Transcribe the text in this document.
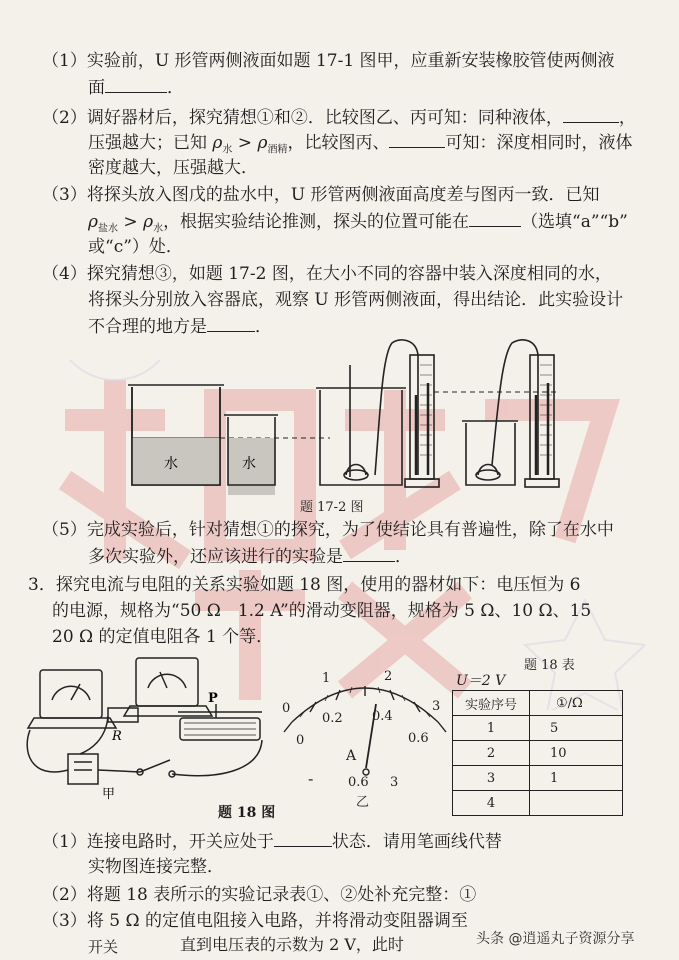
（1）实验前，U 形管两侧液面如题 17-1 图甲，应重新安装橡胶管使两侧液
面	．
（2）调好器材后，探究猜想①和②．比较图乙、丙可知：同种液体，	，
压强越大；已知 $\rho_水 > \rho_{酒精}$，比较图丙、	可知：深度相同时，液体
密度越大，压强越大．
（3）将探头放入图戊的盐水中，U 形管两侧液面高度差与图丙一致．已知
$\rho_{盐水} > \rho_水$，根据实验结论推测，探头的位置可能在	（选填“a”“b”
或“c”）处．
（4）探究猜想③，如题 17-2 图，在大小不同的容器中装入深度相同的水，
将探头分别放入容器底，观察 U 形管两侧液面，得出结论．此实验设计
不合理的地方是	．
水	水
题 17-2 图
（5）完成实验后，针对猜想①的探究，为了使结论具有普遍性，除了在水中
多次实验外，还应该进行的实验是	．
3．探究电流与电阻的关系实验如题 18 图，使用的器材如下：电压恒为 6
的电源，规格为“50 Ω　1.2 A”的滑动变阻器，规格为 5 Ω、10 Ω、15
20 Ω 的定值电阻各 1 个等．
P
R
甲
0
1	2
3
0
0.2 0.4
0.6
A
-	0.6 3
乙
题 18 图
题 18 表
U＝2 V
实验序号	①/Ω
1	5
2	10
3	1
4	
（1）连接电路时，开关应处于	状态．请用笔画线代替
实物图连接完整．
（2）将题 18 表所示的实验记录表①、②处补充完整：①
（3）将 5 Ω 的定值电阻接入电路，并将滑动变阻器调至
直到电压表的示数为 2 V，此时
开关	头条 @逍遥丸子资源分享
